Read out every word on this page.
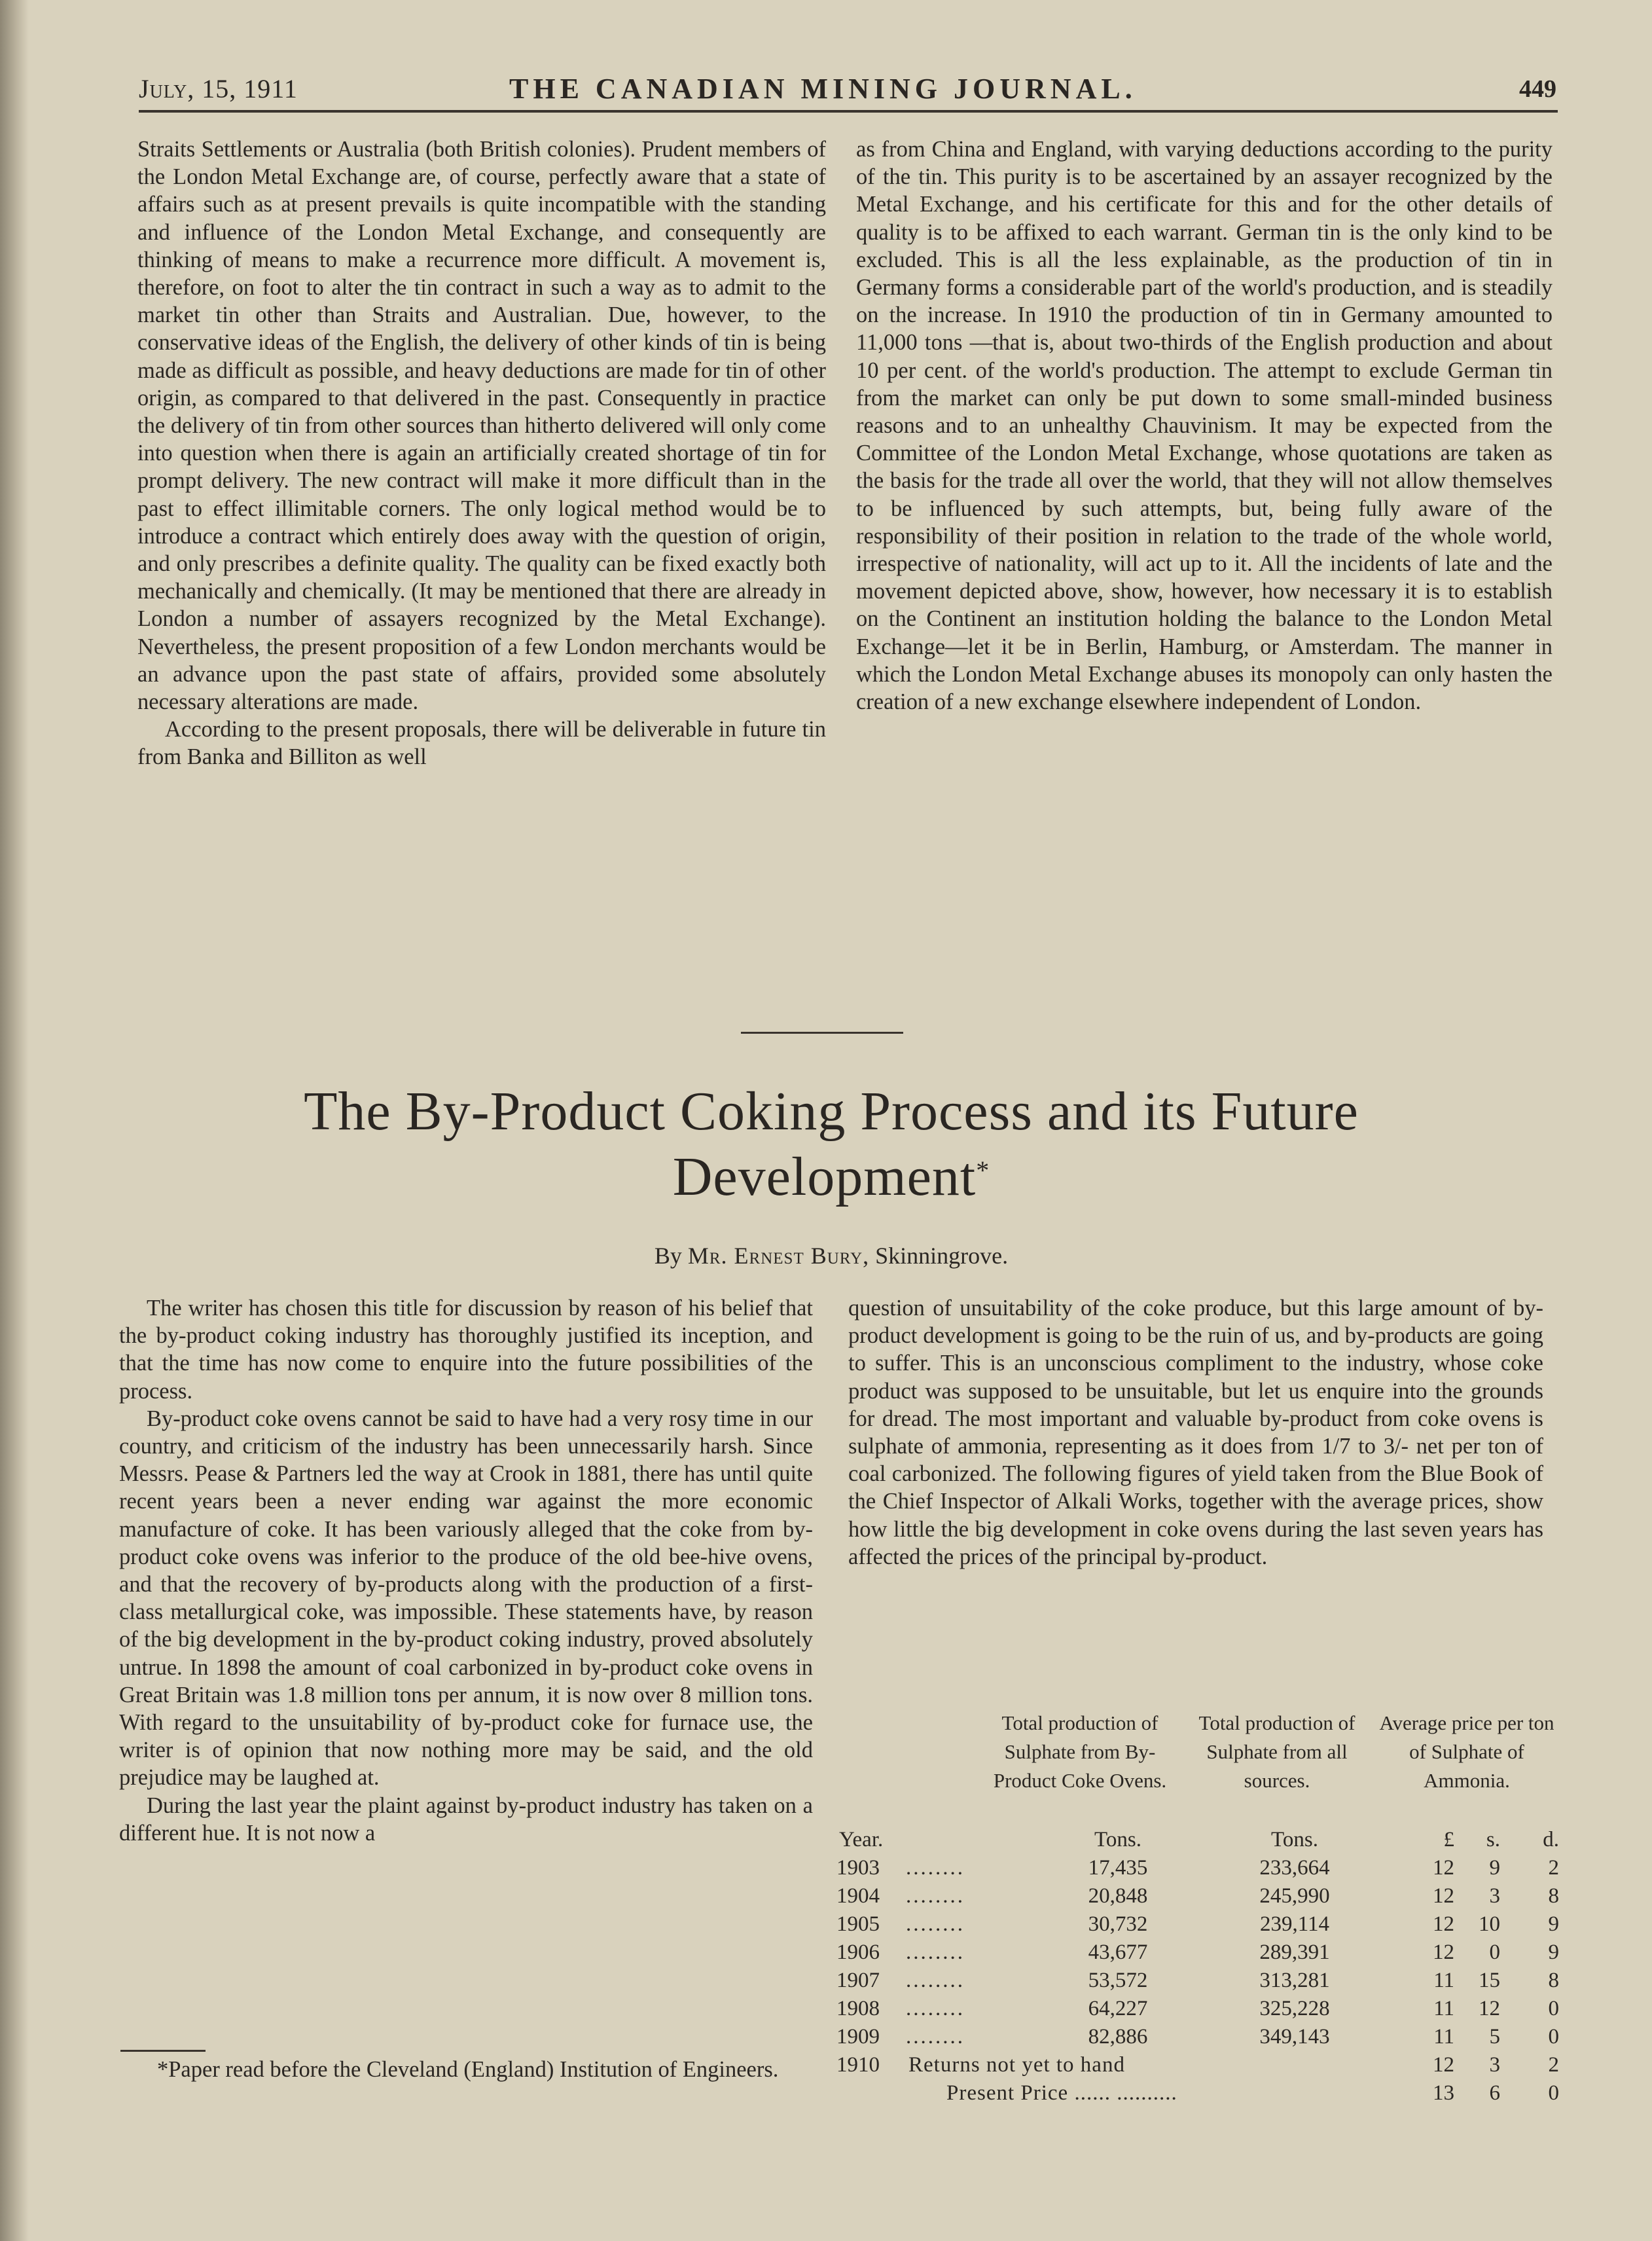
July, 15, 1911	THE CANADIAN MINING JOURNAL.	449

Straits Settlements or Australia (both British colonies). Prudent members of the London Metal Exchange are, of course, perfectly aware that a state of affairs such as at present prevails is quite incompatible with the standing and influence of the London Metal Exchange, and consequently are thinking of means to make a recurrence more difficult. A movement is, therefore, on foot to alter the tin contract in such a way as to admit to the market tin other than Straits and Australian. Due, however, to the conservative ideas of the English, the delivery of other kinds of tin is being made as difficult as possible, and heavy deductions are made for tin of other origin, as compared to that delivered in the past. Consequently in practice the delivery of tin from other sources than hitherto delivered will only come into question when there is again an artificially created shortage of tin for prompt delivery. The new contract will make it more difficult than in the past to effect illimitable corners. The only logical method would be to introduce a contract which entirely does away with the question of origin, and only prescribes a definite quality. The quality can be fixed exactly both mechanically and chemically. (It may be mentioned that there are already in London a number of assayers recognized by the Metal Exchange). Nevertheless, the present proposition of a few London merchants would be an advance upon the past state of affairs, provided some absolutely necessary alterations are made.

According to the present proposals, there will be deliverable in future tin from Banka and Billiton as well

as from China and England, with varying deductions according to the purity of the tin. This purity is to be ascertained by an assayer recognized by the Metal Exchange, and his certificate for this and for the other details of quality is to be affixed to each warrant. German tin is the only kind to be excluded. This is all the less explainable, as the production of tin in Germany forms a considerable part of the world's production, and is steadily on the increase. In 1910 the production of tin in Germany amounted to 11,000 tons —that is, about two-thirds of the English production and about 10 per cent. of the world's production. The attempt to exclude German tin from the market can only be put down to some small-minded business reasons and to an unhealthy Chauvinism. It may be expected from the Committee of the London Metal Exchange, whose quotations are taken as the basis for the trade all over the world, that they will not allow themselves to be influenced by such attempts, but, being fully aware of the responsibility of their position in relation to the trade of the whole world, irrespective of nationality, will act up to it. All the incidents of late and the movement depicted above, show, however, how necessary it is to establish on the Continent an institution holding the balance to the London Metal Exchange—let it be in Berlin, Hamburg, or Amsterdam. The manner in which the London Metal Exchange abuses its monopoly can only hasten the creation of a new exchange elsewhere independent of London.

The By-Product Coking Process and its Future
Development*
By Mr. Ernest Bury, Skinningrove.

The writer has chosen this title for discussion by reason of his belief that the by-product coking industry has thoroughly justified its inception, and that the time has now come to enquire into the future possibilities of the process.

By-product coke ovens cannot be said to have had a very rosy time in our country, and criticism of the industry has been unnecessarily harsh. Since Messrs. Pease & Partners led the way at Crook in 1881, there has until quite recent years been a never ending war against the more economic manufacture of coke. It has been variously alleged that the coke from by-product coke ovens was inferior to the produce of the old bee-hive ovens, and that the recovery of by-products along with the production of a first-class metallurgical coke, was impossible. These statements have, by reason of the big development in the by-product coking industry, proved absolutely untrue. In 1898 the amount of coal carbonized in by-product coke ovens in Great Britain was 1.8 million tons per annum, it is now over 8 million tons. With regard to the unsuitability of by-product coke for furnace use, the writer is of opinion that now nothing more may be said, and the old prejudice may be laughed at.

During the last year the plaint against by-product industry has taken on a different hue. It is not now a

*Paper read before the Cleveland (England) Institution of Engineers.

question of unsuitability of the coke produce, but this large amount of by-product development is going to be the ruin of us, and by-products are going to suffer. This is an unconscious compliment to the industry, whose coke product was supposed to be unsuitable, but let us enquire into the grounds for dread. The most important and valuable by-product from coke ovens is sulphate of ammonia, representing as it does from 1/7 to 3/- net per ton of coal carbonized. The following figures of yield taken from the Blue Book of the Chief Inspector of Alkali Works, together with the average prices, show how little the big development in coke ovens during the last seven years has affected the prices of the principal by-product.

Total production of Sulphate from By-Product Coke Ovens.
Total production of Sulphate from all sources.
Average price per ton of Sulphate of Ammonia.
Year.	Tons.	Tons.	£	s.	d.
1903 ........	17,435	233,664	12	9	2
1904 ........	20,848	245,990	12	3	8
1905 ........	30,732	239,114	12	10	9
1906 ........	43,677	289,391	12	0	9
1907 ........	53,572	313,281	11	15	8
1908 ........	64,227	325,228	11	12	0
1909 ........	82,886	349,143	11	5	0
1910 Returns not yet to hand	12	3	2
Present Price ...... ..........	13	6	0
